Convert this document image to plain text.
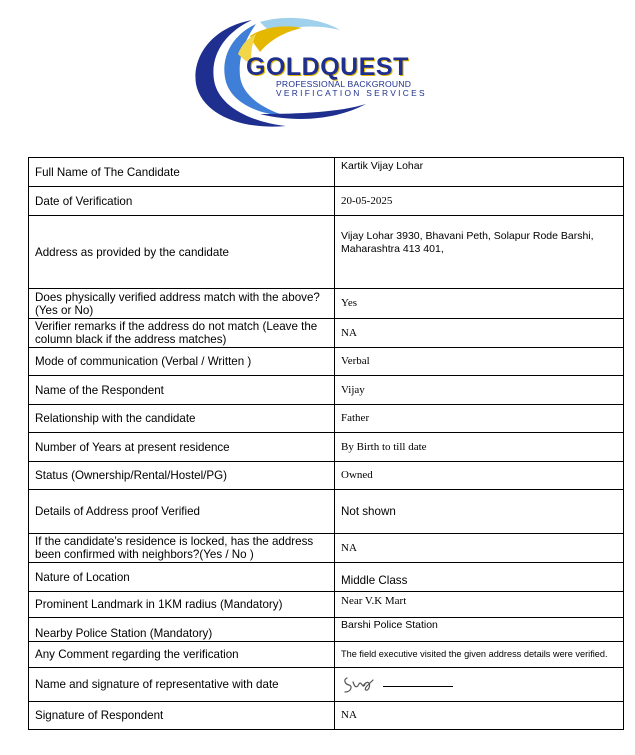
GOLDQUEST
PROFESSIONAL BACKGROUND
VERIFICATION SERVICES
Full Name of The Candidate	Kartik Vijay Lohar
Date of Verification	20-05-2025
Address as provided by the candidate	Vijay Lohar 3930, Bhavani Peth, Solapur Rode Barshi, Maharashtra 413 401,
Does physically verified address match with the above? (Yes or No)	Yes
Verifier remarks if the address do not match (Leave the column black if the address matches)	NA
Mode of communication (Verbal / Written )	Verbal
Name of the Respondent	Vijay
Relationship with the candidate	Father
Number of Years at present residence	By Birth to till date
Status (Ownership/Rental/Hostel/PG)	Owned
Details of Address proof Verified	Not shown
If the candidate’s residence is locked, has the address been confirmed with neighbors?(Yes / No )	NA
Nature of Location	Middle Class
Prominent Landmark in 1KM radius (Mandatory)	Near V.K Mart
Nearby Police Station (Mandatory)	Barshi Police Station
Any Comment regarding the verification	The field executive visited the given address details were verified.
Name and signature of representative with date	
Signature of Respondent	NA
